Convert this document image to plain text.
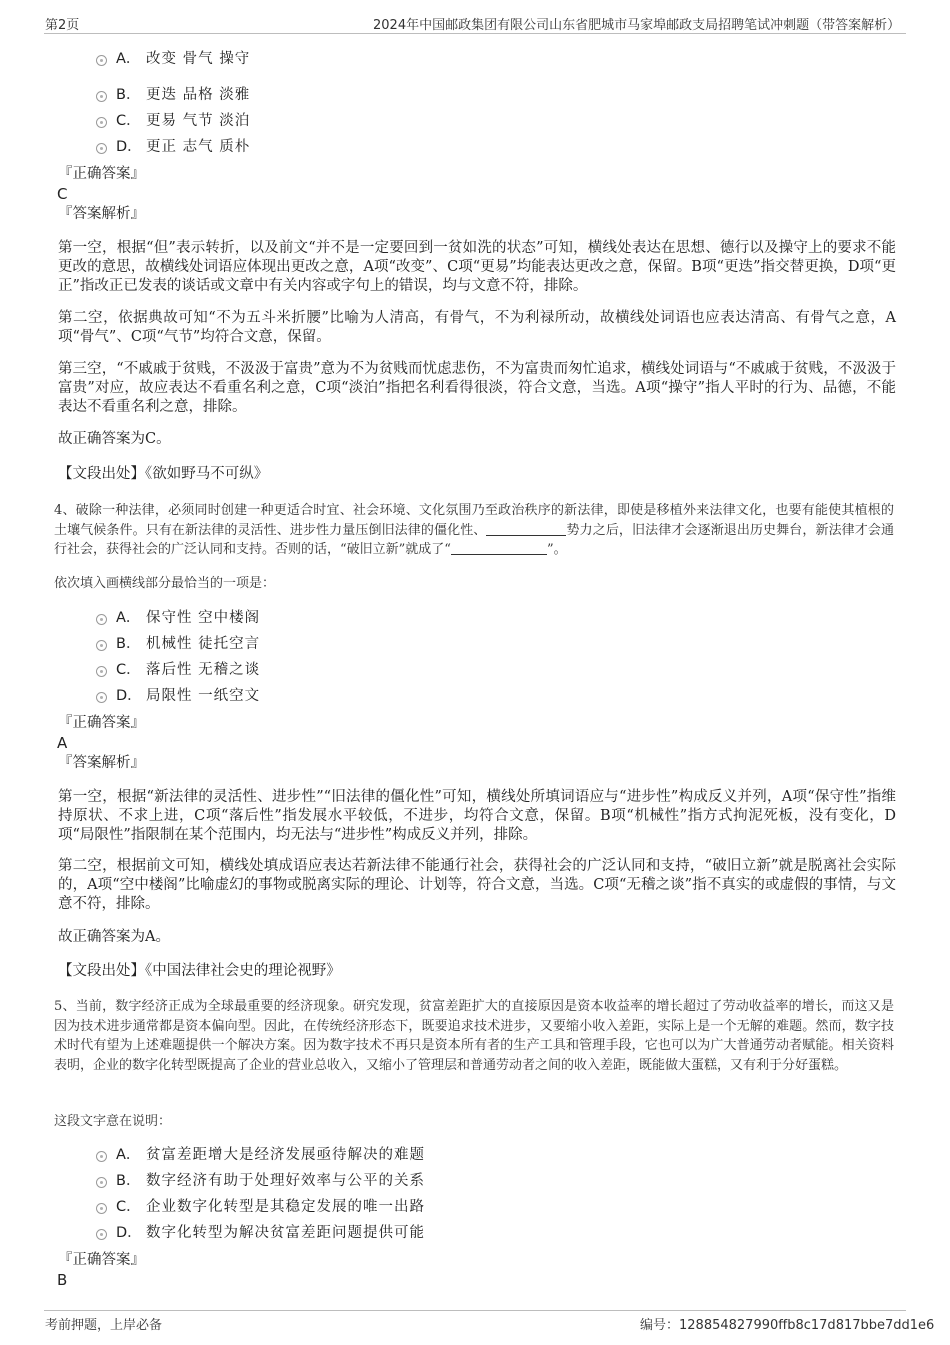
第2页	2024年中国邮政集团有限公司山东省肥城市马家埠邮政支局招聘笔试冲刺题（带答案解析）
A． 改变 骨气 操守
B． 更迭 品格 淡雅
C． 更易 气节 淡泊
D． 更正 志气 质朴
『正确答案』
C
『答案解析』
第一空，根据“但”表示转折，以及前文“并不是一定要回到一贫如洗的状态”可知，横线处表达在思想、德行以及操守上的要求不能更改的意思，故横线处词语应体现出更改之意，A项“改变”、C项“更易”均能表达更改之意，保留。B项“更迭”指交替更换，D项“更正”指改正已发表的谈话或文章中有关内容或字句上的错误，均与文意不符，排除。
第二空，依据典故可知“不为五斗米折腰”比喻为人清高，有骨气，不为利禄所动，故横线处词语也应表达清高、有骨气之意，A项“骨气”、C项“气节”均符合文意，保留。
第三空，“不戚戚于贫贱，不汲汲于富贵”意为不为贫贱而忧虑悲伤，不为富贵而匆忙追求，横线处词语与“不戚戚于贫贱，不汲汲于富贵”对应，故应表达不看重名利之意，C项“淡泊”指把名利看得很淡，符合文意，当选。A项“操守”指人平时的行为、品德，不能表达不看重名利之意，排除。
故正确答案为C。
【文段出处】《欲如野马不可纵》
4、破除一种法律，必须同时创建一种更适合时宜、社会环境、文化氛围乃至政治秩序的新法律，即使是移植外来法律文化，也要有能使其植根的土壤气候条件。只有在新法律的灵活性、进步性力量压倒旧法律的僵化性、	势力之后，旧法律才会逐渐退出历史舞台，新法律才会通行社会，获得社会的广泛认同和支持。否则的话，“破旧立新”就成了“	”。
依次填入画横线部分最恰当的一项是：
A． 保守性 空中楼阁
B． 机械性 徒托空言
C． 落后性 无稽之谈
D． 局限性 一纸空文
『正确答案』
A
『答案解析』
第一空，根据“新法律的灵活性、进步性”“旧法律的僵化性”可知，横线处所填词语应与“进步性”构成反义并列，A项“保守性”指维持原状、不求上进，C项“落后性”指发展水平较低，不进步，均符合文意，保留。B项“机械性”指方式拘泥死板，没有变化，D项“局限性”指限制在某个范围内，均无法与“进步性”构成反义并列，排除。
第二空，根据前文可知，横线处填成语应表达若新法律不能通行社会，获得社会的广泛认同和支持，“破旧立新”就是脱离社会实际的，A项“空中楼阁”比喻虚幻的事物或脱离实际的理论、计划等，符合文意，当选。C项“无稽之谈”指不真实的或虚假的事情，与文意不符，排除。
故正确答案为A。
【文段出处】《中国法律社会史的理论视野》
5、当前，数字经济正成为全球最重要的经济现象。研究发现，贫富差距扩大的直接原因是资本收益率的增长超过了劳动收益率的增长，而这又是因为技术进步通常都是资本偏向型。因此，在传统经济形态下，既要追求技术进步，又要缩小收入差距，实际上是一个无解的难题。然而，数字技术时代有望为上述难题提供一个解决方案。因为数字技术不再只是资本所有者的生产工具和管理手段，它也可以为广大普通劳动者赋能。相关资料表明，企业的数字化转型既提高了企业的营业总收入，又缩小了管理层和普通劳动者之间的收入差距，既能做大蛋糕，又有利于分好蛋糕。
这段文字意在说明：
A． 贫富差距增大是经济发展亟待解决的难题
B． 数字经济有助于处理好效率与公平的关系
C． 企业数字化转型是其稳定发展的唯一出路
D． 数字化转型为解决贫富差距问题提供可能
『正确答案』
B
考前押题，上岸必备	编号：128854827990ffb8c17d817bbe7dd1e6
